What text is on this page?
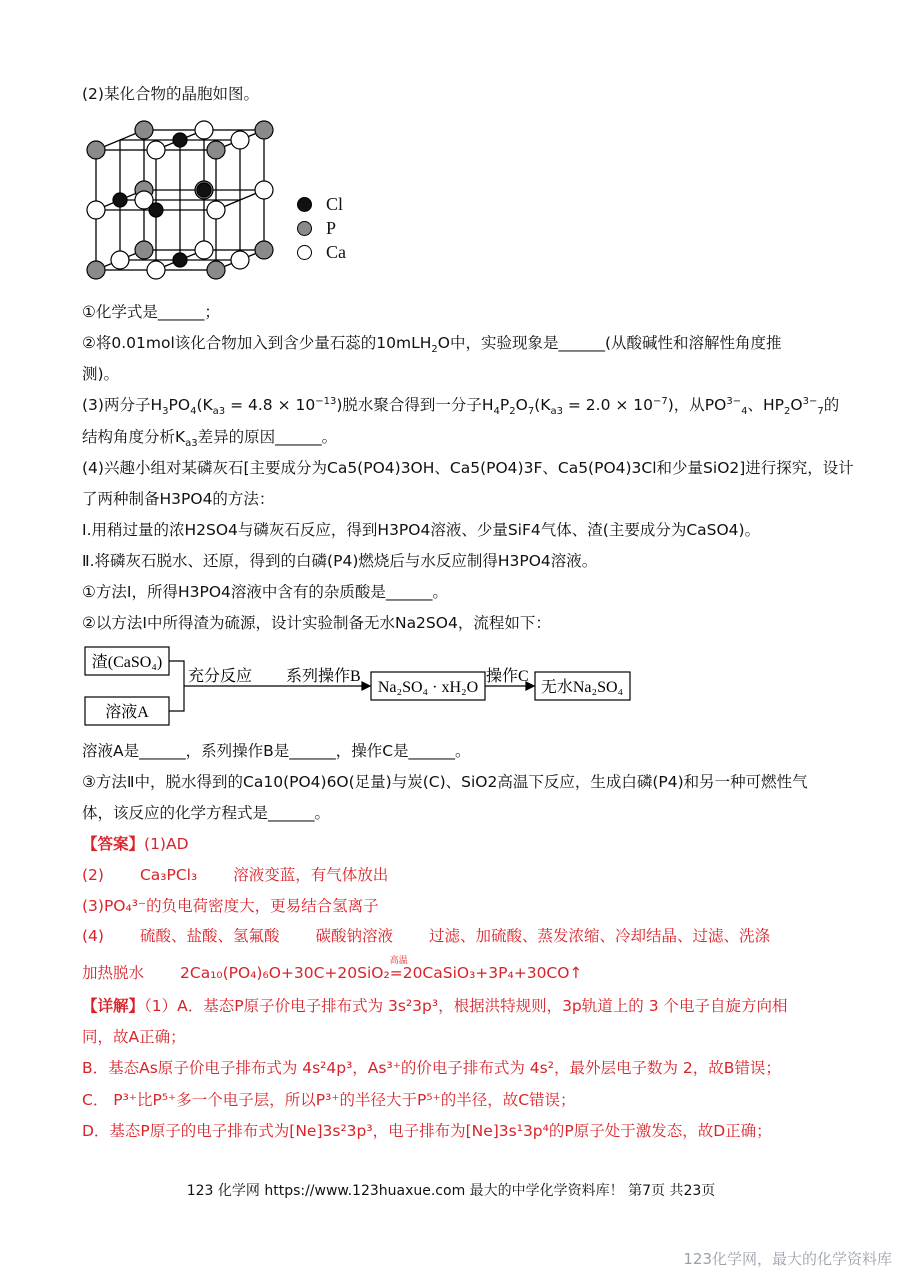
(2)某化合物的晶胞如图。
Cl
P
Ca
①化学式是______；
②将0.01mol该化合物加入到含少量石蕊的10mLH$_2$O中，实验现象是______(从酸碱性和溶解性角度推
测)。
(3)两分子$H_3PO_4(K_{a3} = 4.8 \times 10^{-13})$脱水聚合得到一分子$H_4P_2O_7(K_{a3} = 2.0 \times 10^{-7})$，从$PO^{3-}_4$、$HP_2O^{3-}_7$的
结构角度分析$K_{a3}$差异的原因______。
(4)兴趣小组对某磷灰石[主要成分为Ca5(PO4)3OH、Ca5(PO4)3F、Ca5(PO4)3Cl和少量SiO2]进行探究，设计
了两种制备H3PO4的方法：
Ⅰ.用稍过量的浓H2SO4与磷灰石反应，得到H3PO4溶液、少量SiF4气体、渣(主要成分为CaSO4)。
Ⅱ.将磷灰石脱水、还原，得到的白磷(P4)燃烧后与水反应制得H3PO4溶液。
①方法Ⅰ，所得H3PO4溶液中含有的杂质酸是______。
②以方法Ⅰ中所得渣为硫源，设计实验制备无水Na2SO4，流程如下：
渣(CaSO₄)
溶液A
充分反应 系列操作B
Na₂SO₄ · xH₂O
操作C
无水Na₂SO₄
溶液A是______，系列操作B是______，操作C是______。
③方法Ⅱ中，脱水得到的Ca10(PO4)6O(足量)与炭(C)、SiO2高温下反应，生成白磷(P4)和另一种可燃性气
体，该反应的化学方程式是______。
【答案】(1)AD
(2) Ca₃PCl₃ 溶液变蓝，有气体放出
(3)PO₄³⁻的负电荷密度大，更易结合氢离子
(4) 硫酸、盐酸、氢氟酸 碳酸钠溶液 过滤、加硫酸、蒸发浓缩、冷却结晶、过滤、洗涤
加热脱水 2Ca₁₀(PO₄)₆O+30C+20SiO₂
高温
=20CaSiO₃+3P₄+30CO↑
【详解】（1）A．基态P原子价电子排布式为 3s²3p³，根据洪特规则，3p轨道上的 3 个电子自旋方向相
同，故A正确；
B．基态As原子价电子排布式为 4s²4p³，As³⁺的价电子排布式为 4s²，最外层电子数为 2，故B错误；
C． P³⁺比P⁵⁺多一个电子层，所以P³⁺的半径大于P⁵⁺的半径，故C错误；
D．基态P原子的电子排布式为[Ne]3s²3p³，电子排布为[Ne]3s¹3p⁴的P原子处于激发态，故D正确；
123 化学网 https://www.123huaxue.com 最大的中学化学资料库！ 第7页 共23页
123化学网，最大的化学资料库
